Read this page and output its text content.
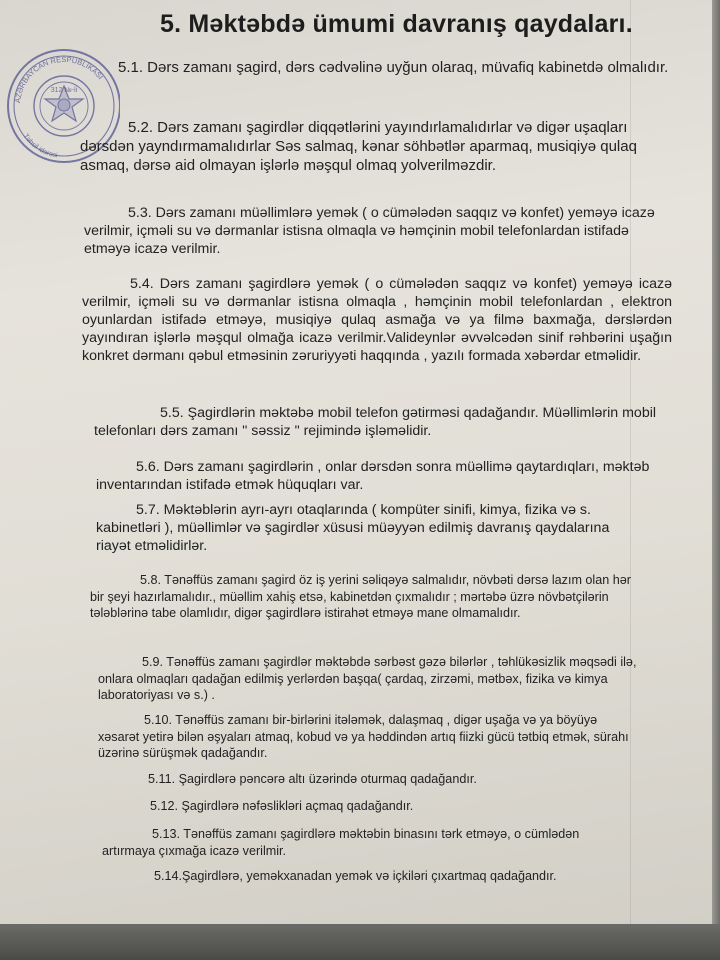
5. Məktəbdə ümumi davranış qaydaları.
AZƏRBAYCAN RESPUBLİKASI
312 №-li
Təhsil idarəsi

5.1. Dərs zamanı şagird, dərs cədvəlinə uyğun olaraq, müvafiq kabinetdə olmalıdır.

5.2. Dərs zamanı şagirdlər diqqətlərini yayındırlamalıdırlar və digər uşaqları dərsdən yayndırmamalıdırlar Səs salmaq, kənar söhbətlər aparmaq, musiqiyə qulaq asmaq, dərsə aid olmayan işlərlə məşqul olmaq yolverilməzdir.

5.3. Dərs zamanı müəllimlərə yemək ( o cümələdən saqqız və konfet) yeməyə icazə verilmir, içməli su və dərmanlar istisna olmaqla və həmçinin mobil telefonlardan istifadə etməyə icazə verilmir.

5.4. Dərs zamanı şagirdlərə yemək ( o cümələdən saqqız və konfet) yeməyə icazə verilmir, içməli su və dərmanlar istisna olmaqla , həmçinin mobil telefonlardan , elektron oyunlardan istifadə etməyə, musiqiyə qulaq asmağa və ya filmə baxmağa, dərslərdən yayındıran işlərlə məşqul olmağa icazə verilmir.Valideynlər əvvəlcədən sinif rəhbərini uşağın konkret dərmanı qəbul etməsinin zəruriyyəti haqqında , yazılı formada xəbərdar etməlidir.

5.5. Şagirdlərin məktəbə mobil telefon gətirməsi qadağandır. Müəllimlərin mobil telefonları dərs zamanı " səssiz " rejimində işləməlidir.

5.6. Dərs zamanı şagirdlərin , onlar dərsdən sonra müəllimə qaytardıqları, məktəb inventarından istifadə etmək hüquqları var.

5.7. Məktəblərin ayrı-ayrı otaqlarında ( kompüter sinifi, kimya, fizika və s. kabinetləri ), müəllimlər və şagirdlər xüsusi müəyyən edilmiş davranış qaydalarına riayət etməlidirlər.

5.8. Tənəffüs zamanı şagird öz iş yerini səliqəyə salmalıdır, növbəti dərsə lazım olan hər bir şeyi hazırlamalıdır., müəllim xahiş etsə, kabinetdən çıxmalıdır ; mərtəbə üzrə növbətçilərin tələblərinə tabe olamlıdır, digər şagirdlərə istirahət etməyə mane olmamalıdır.

5.9. Tənəffüs zamanı şagirdlər məktəbdə sərbəst gəzə bilərlər , təhlükəsizlik məqsədi ilə, onlara olmaqları qadağan edilmiş yerlərdən başqa( çardaq, zirzəmi, mətbəx, fizika və kimya laboratoriyası və s.) .

5.10. Tənəffüs zamanı bir-birlərini itələmək, dalaşmaq , digər uşağa və ya böyüyə xəsarət yetirə bilən əşyaları atmaq, kobud və ya həddindən artıq fiizki gücü tətbiq etmək, sürahı üzərinə sürüşmək qadağandır.

5.11. Şagirdlərə pəncərə altı üzərində oturmaq qadağandır.

5.12. Şagirdlərə nəfəslikləri açmaq qadağandır.

5.13. Tənəffüs zamanı şagirdlərə məktəbin binasını tərk etməyə, o cümlədən artırmaya çıxmağa icazə verilmir.

5.14.Şagirdlərə, yeməkxanadan yemək və içkiləri çıxartmaq qadağandır.
